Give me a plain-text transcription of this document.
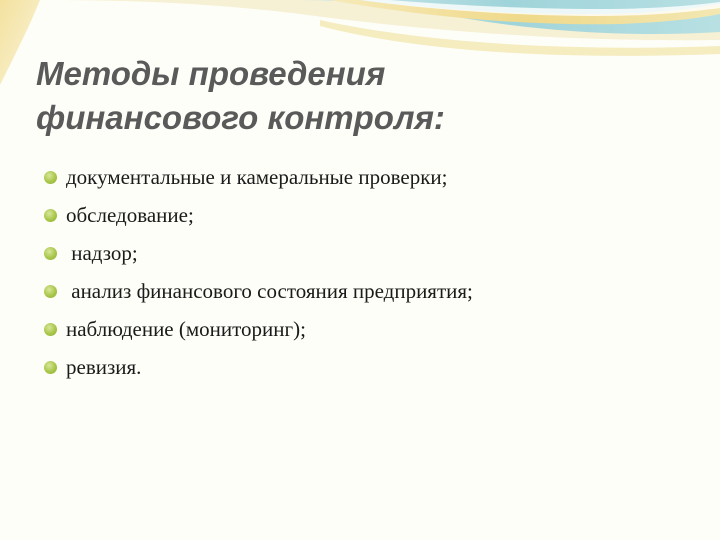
Методы проведения
финансового контроля:
документальные и камеральные проверки;
обследование;
надзор;
анализ финансового состояния предприятия;
наблюдение (мониторинг);
ревизия.
